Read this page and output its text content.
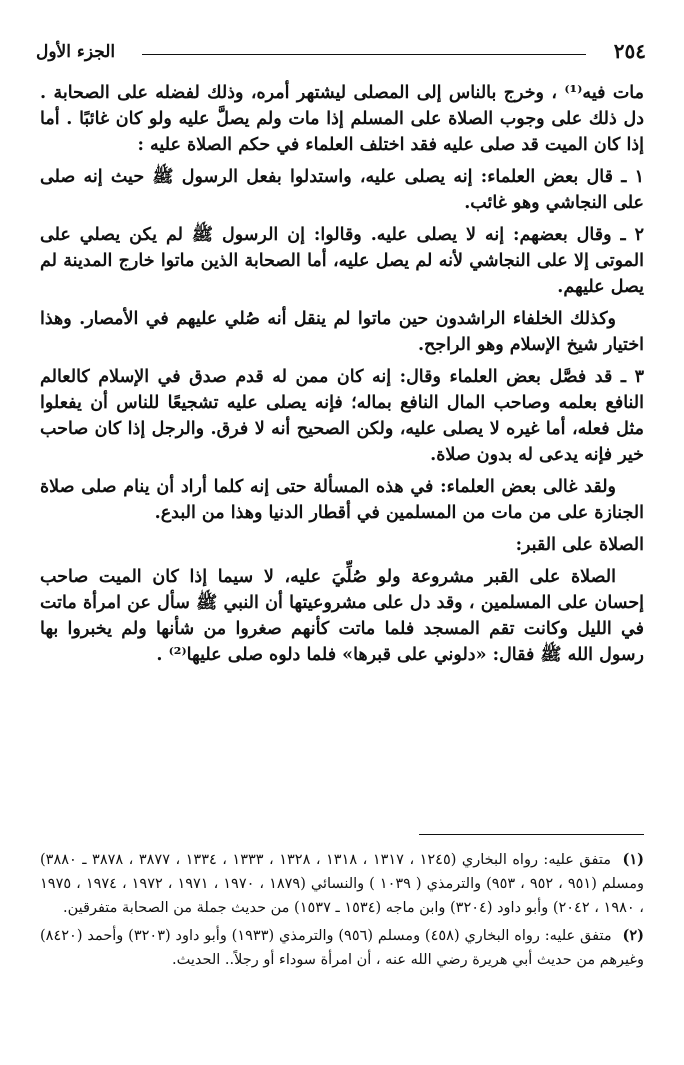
٢٥٤
الجزء الأول

مات فيه⁽¹⁾ ، وخرج بالناس إلى المصلى ليشتهر أمره، وذلك لفضله على الصحابة . دل ذلك على وجوب الصلاة على المسلم إذا مات ولم يصلَّ عليه ولو كان غائبًا . أما إذا كان الميت قد صلى عليه فقد اختلف العلماء في حكم الصلاة عليه :

١ ـ قال بعض العلماء: إنه يصلى عليه، واستدلوا بفعل الرسول ﷺ حيث إنه صلى على النجاشي وهو غائب.

٢ ـ وقال بعضهم: إنه لا يصلى عليه. وقالوا: إن الرسول ﷺ لم يكن يصلي على الموتى إلا على النجاشي لأنه لم يصل عليه، أما الصحابة الذين ماتوا خارج المدينة لم يصل عليهم.

وكذلك الخلفاء الراشدون حين ماتوا لم ينقل أنه صُلي عليهم في الأمصار. وهذا اختيار شيخ الإسلام وهو الراجح.

٣ ـ قد فصَّل بعض العلماء وقال: إنه كان ممن له قدم صدق في الإسلام كالعالم النافع بعلمه وصاحب المال النافع بماله؛ فإنه يصلى عليه تشجيعًا للناس أن يفعلوا مثل فعله، أما غيره لا يصلى عليه، ولكن الصحيح أنه لا فرق. والرجل إذا كان صاحب خير فإنه يدعى له بدون صلاة.

ولقد غالى بعض العلماء: في هذه المسألة حتى إنه كلما أراد أن ينام صلى صلاة الجنازة على من مات من المسلمين في أقطار الدنيا وهذا من البدع.

الصلاة على القبر:

الصلاة على القبر مشروعة ولو صُلِّيَ عليه، لا سيما إذا كان الميت صاحب إحسان على المسلمين ، وقد دل على مشروعيتها أن النبي ﷺ سأل عن امرأة ماتت في الليل وكانت تقم المسجد فلما ماتت كأنهم صغروا من شأنها ولم يخبروا بها رسول الله ﷺ فقال: «دلوني على قبرها» فلما دلوه صلى عليها⁽²⁾ .

(١) متفق عليه: رواه البخاري (١٢٤٥ ، ١٣١٧ ، ١٣١٨ ، ١٣٢٨ ، ١٣٣٣ ، ١٣٣٤ ، ٣٨٧٧ ، ٣٨٧٨ ـ ٣٨٨٠) ومسلم (٩٥١ ، ٩٥٢ ، ٩٥٣) والترمذي ( ١٠٣٩ ) والنسائي (١٨٧٩ ، ١٩٧٠ ، ١٩٧١ ، ١٩٧٢ ، ١٩٧٤ ، ١٩٧٥ ، ١٩٨٠ ، ٢٠٤٢) وأبو داود (٣٢٠٤) وابن ماجه (١٥٣٤ ـ ١٥٣٧) من حديث جملة من الصحابة متفرقين.

(٢) متفق عليه: رواه البخاري (٤٥٨) ومسلم (٩٥٦) والترمذي (١٩٣٣) وأبو داود (٣٢٠٣) وأحمد (٨٤٢٠) وغيرهم من حديث أبي هريرة رضي الله عنه ، أن امرأة سوداء أو رجلاً.. الحديث.
